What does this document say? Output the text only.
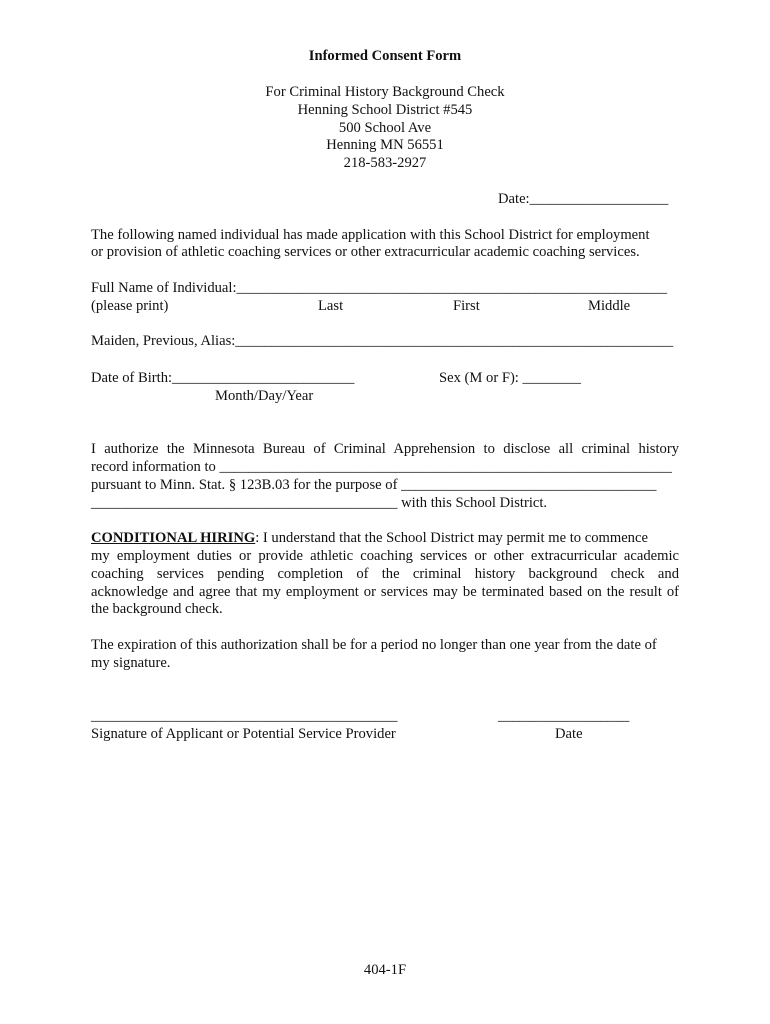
Informed Consent Form
For Criminal History Background Check
Henning School District #545
500 School Ave
Henning MN 56551
218-583-2927
Date:___________________
The following named individual has made application with this School District for employment
or provision of athletic coaching services or other extracurricular academic coaching services.
Full Name of Individual:___________________________________________________________
(please print)	Last	First	Middle
Maiden, Previous, Alias:____________________________________________________________
Date of Birth:_________________________	Sex (M or F): ________
Month/Day/Year
I authorize the Minnesota Bureau of Criminal Apprehension to disclose all criminal history
record information to ______________________________________________________________
pursuant to Minn. Stat. § 123B.03 for the purpose of ___________________________________
__________________________________________ with this School District.
CONDITIONAL HIRING: I understand that the School District may permit me to commence
my employment duties or provide athletic coaching services or other extracurricular academic
coaching services pending completion of the criminal history background check and
acknowledge and agree that my employment or services may be terminated based on the result of
the background check.
The expiration of this authorization shall be for a period no longer than one year from the date of
my signature.
__________________________________________	__________________
Signature of Applicant or Potential Service Provider	Date
404-1F
